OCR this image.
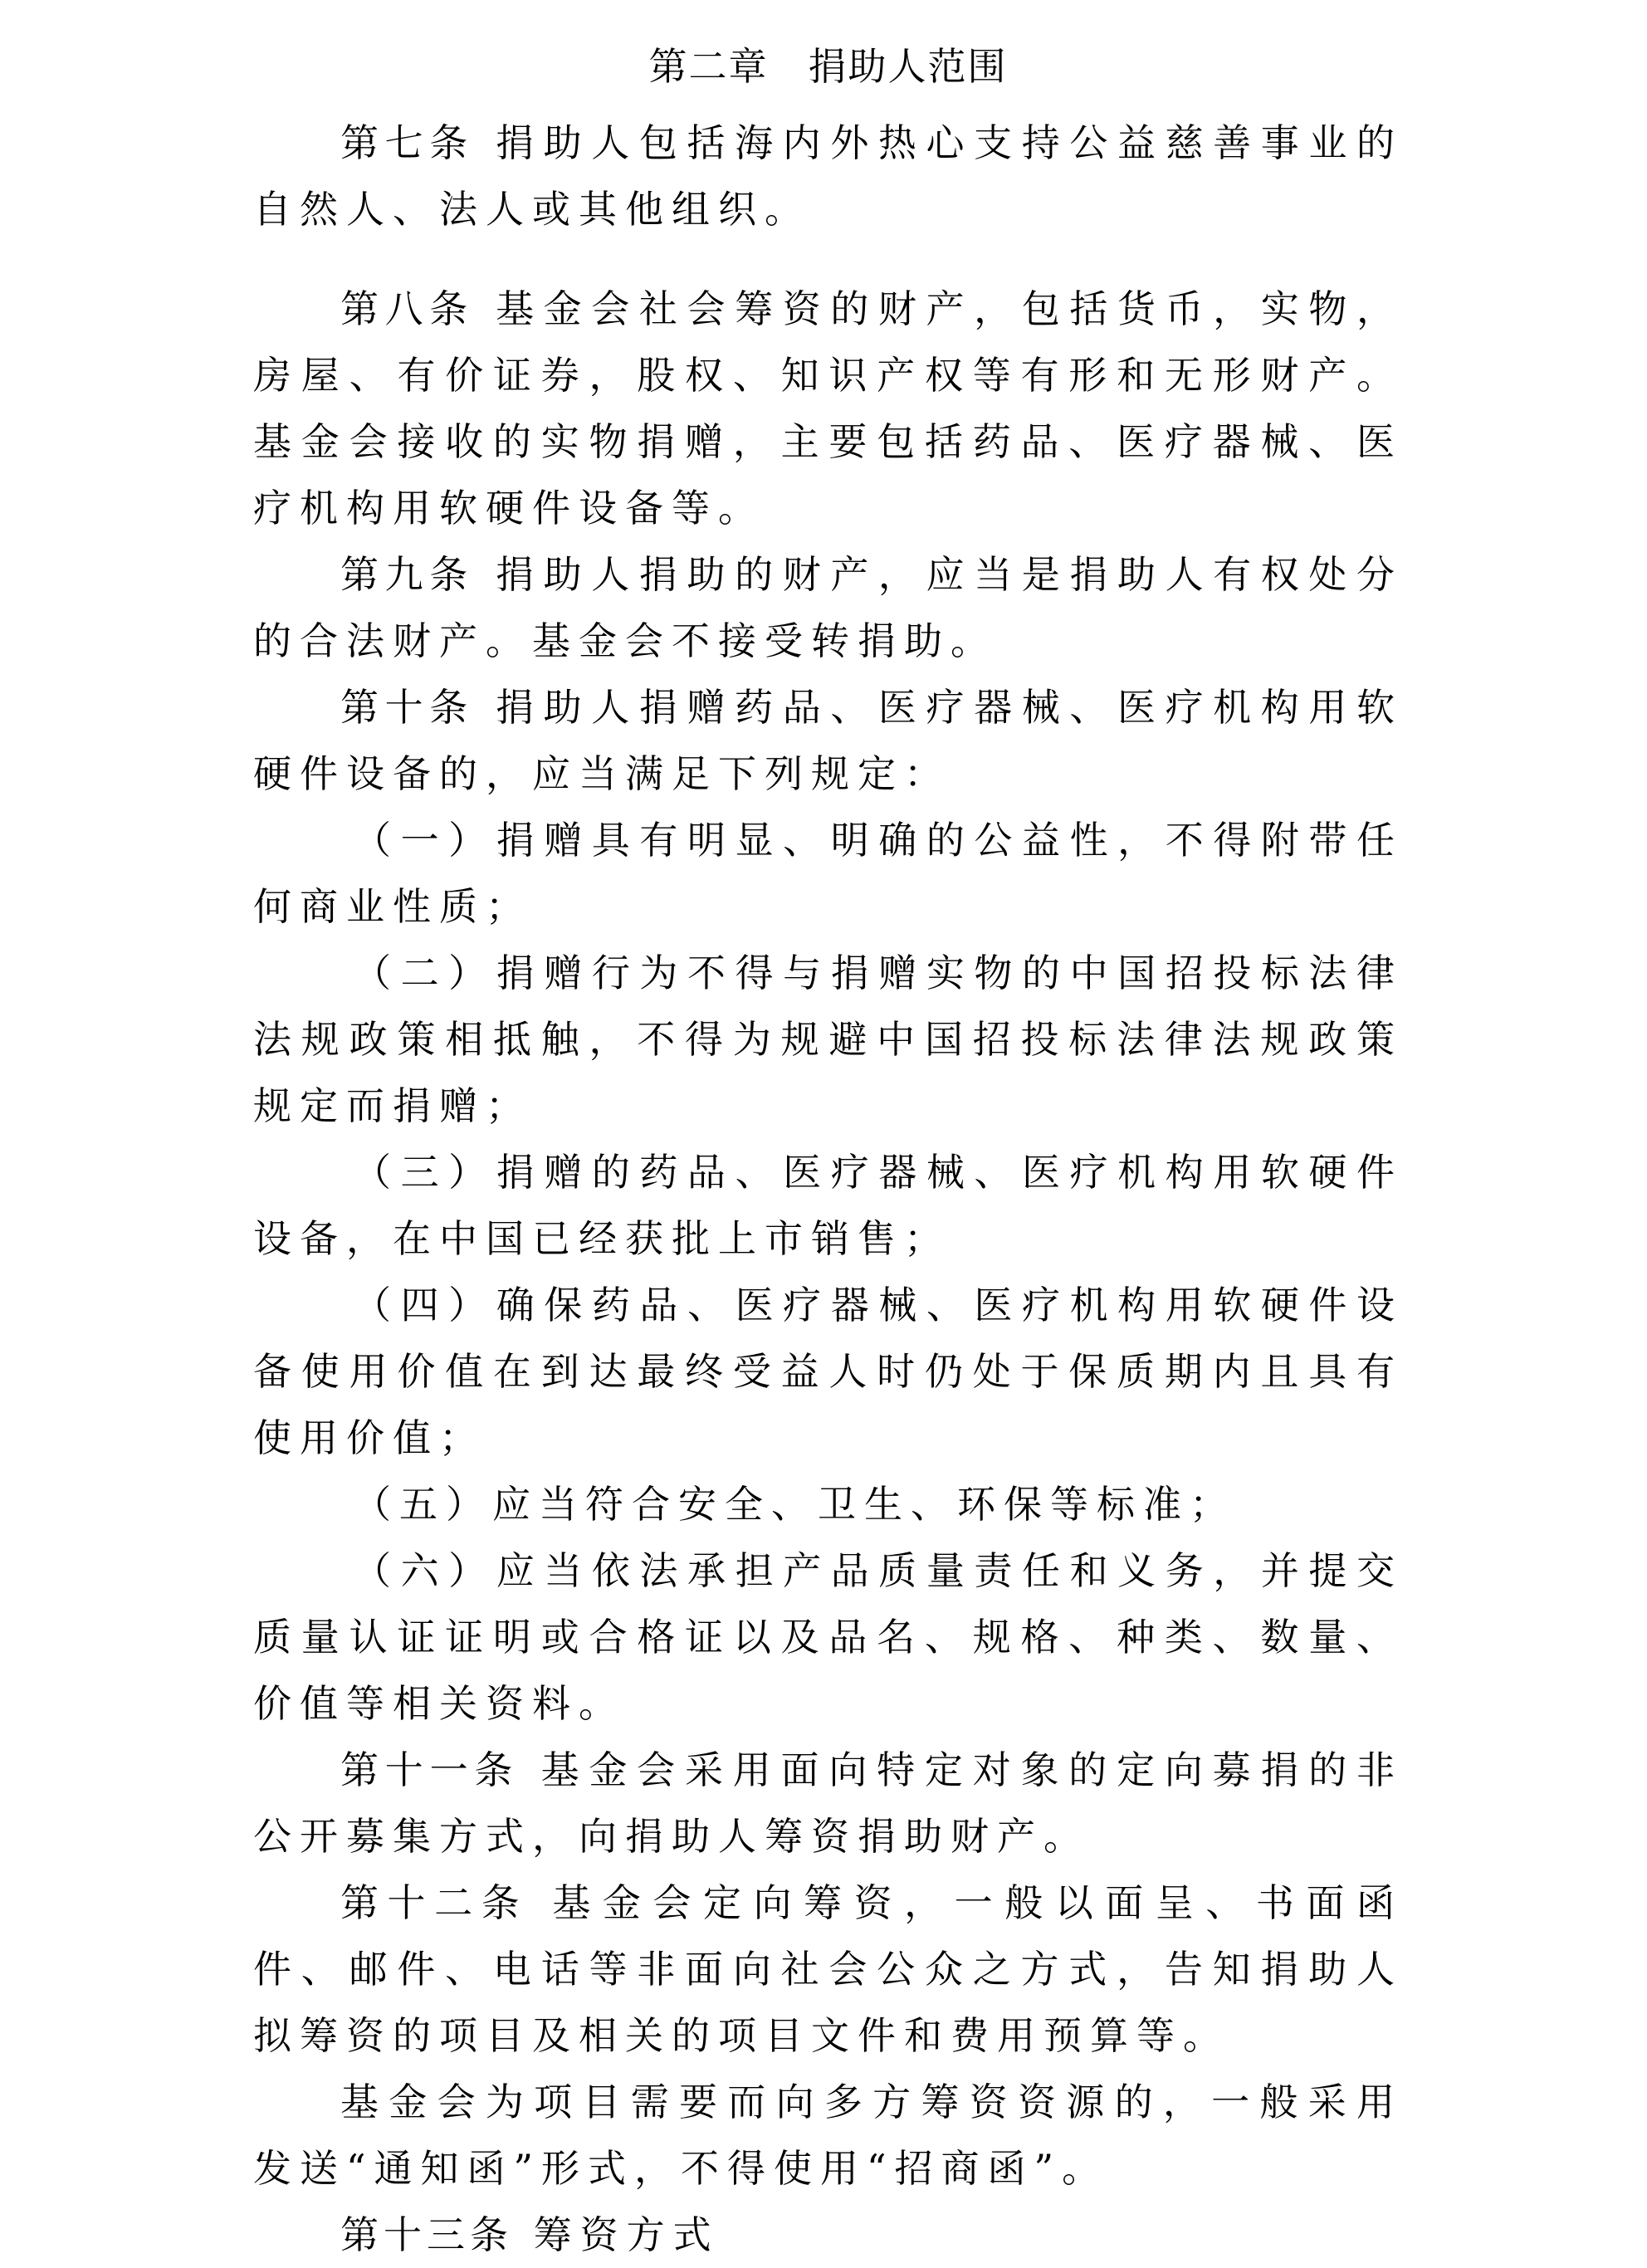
第二章　捐助人范围

第七条 捐助人包括海内外热心支持公益慈善事业的自然人、法人或其他组织。

第八条 基金会社会筹资的财产，包括货币，实物，房屋、有价证券，股权、知识产权等有形和无形财产。基金会接收的实物捐赠，主要包括药品、医疗器械、医疗机构用软硬件设备等。

第九条 捐助人捐助的财产，应当是捐助人有权处分的合法财产。基金会不接受转捐助。

第十条 捐助人捐赠药品、医疗器械、医疗机构用软硬件设备的，应当满足下列规定：

（一）捐赠具有明显、明确的公益性，不得附带任何商业性质；

（二）捐赠行为不得与捐赠实物的中国招投标法律法规政策相抵触，不得为规避中国招投标法律法规政策规定而捐赠；

（三）捐赠的药品、医疗器械、医疗机构用软硬件设备，在中国已经获批上市销售；

（四）确保药品、医疗器械、医疗机构用软硬件设备使用价值在到达最终受益人时仍处于保质期内且具有使用价值；

（五）应当符合安全、卫生、环保等标准；

（六）应当依法承担产品质量责任和义务，并提交质量认证证明或合格证以及品名、规格、种类、数量、价值等相关资料。

第十一条 基金会采用面向特定对象的定向募捐的非公开募集方式，向捐助人筹资捐助财产。

第十二条 基金会定向筹资，一般以面呈、书面函件、邮件、电话等非面向社会公众之方式，告知捐助人拟筹资的项目及相关的项目文件和费用预算等。

基金会为项目需要而向多方筹资资源的，一般采用发送“通知函”形式，不得使用“招商函”。

第十三条 筹资方式
